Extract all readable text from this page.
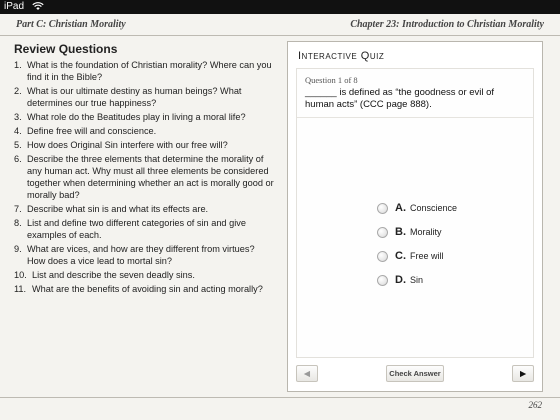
iPad
Part C: Christian Morality	Chapter 23: Introduction to Christian Morality
Review Questions
1. What is the foundation of Christian morality? Where can you find it in the Bible?
2. What is our ultimate destiny as human beings? What determines our true happiness?
3. What role do the Beatitudes play in living a moral life?
4. Define free will and conscience.
5. How does Original Sin interfere with our free will?
6. Describe the three elements that determine the morality of any human act. Why must all three elements be considered together when determining whether an act is morally good or morally bad?
7. Describe what sin is and what its effects are.
8. List and define two different categories of sin and give examples of each.
9. What are vices, and how are they different from virtues? How does a vice lead to mortal sin?
10. List and describe the seven deadly sins.
11. What are the benefits of avoiding sin and acting morally?
Interactive Quiz
Question 1 of 8
______ is defined as “the goodness or evil of human acts” (CCC page 888).
A. Conscience
B. Morality
C. Free will
D. Sin
◀	Check Answer	▶
262
